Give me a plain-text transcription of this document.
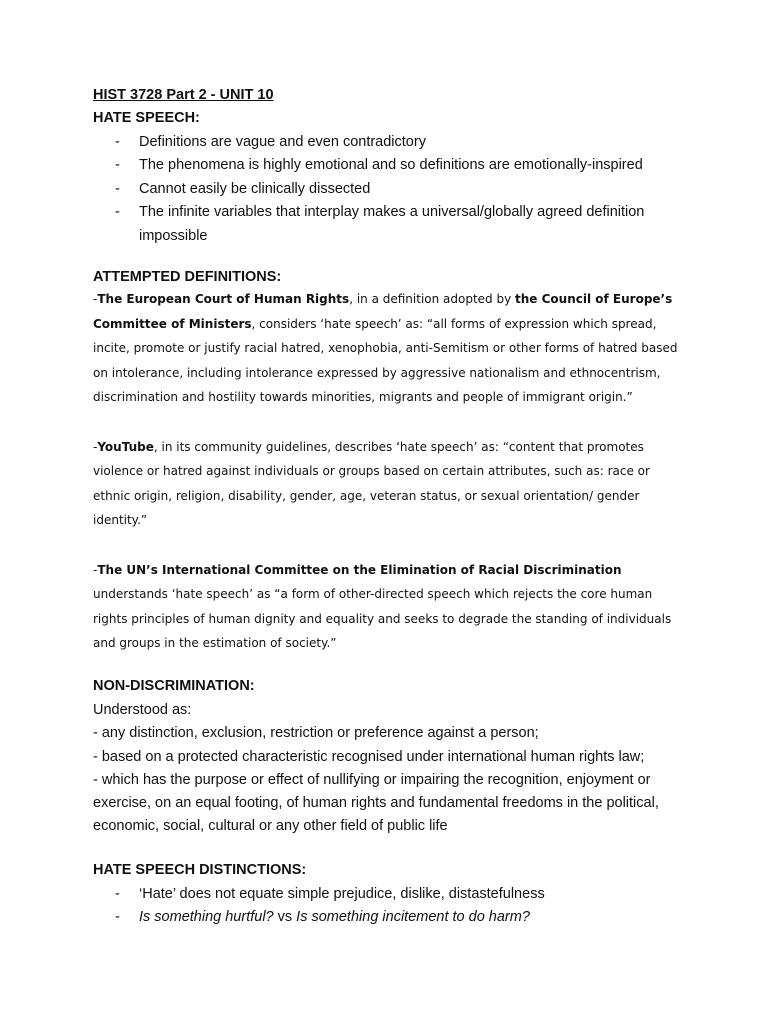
HIST 3728 Part 2 - UNIT 10
HATE SPEECH:
- Definitions are vague and even contradictory
- The phenomena is highly emotional and so definitions are emotionally-inspired
- Cannot easily be clinically dissected
- The infinite variables that interplay makes a universal/globally agreed definition impossible
ATTEMPTED DEFINITIONS:

-The European Court of Human Rights, in a definition adopted by the Council of Europe’s Committee of Ministers, considers ‘hate speech’ as: “all forms of expression which spread, incite, promote or justify racial hatred, xenophobia, anti-Semitism or other forms of hatred based on intolerance, including intolerance expressed by aggressive nationalism and ethnocentrism, discrimination and hostility towards minorities, migrants and people of immigrant origin.”

-YouTube, in its community guidelines, describes ‘hate speech’ as: “content that promotes violence or hatred against individuals or groups based on certain attributes, such as: race or ethnic origin, religion, disability, gender, age, veteran status, or sexual orientation/ gender identity.”

-The UN’s International Committee on the Elimination of Racial Discrimination understands ‘hate speech’ as “a form of other-directed speech which rejects the core human rights principles of human dignity and equality and seeks to degrade the standing of individuals and groups in the estimation of society.”

NON-DISCRIMINATION:

Understood as:

- any distinction, exclusion, restriction or preference against a person;

- based on a protected characteristic recognised under international human rights law;

- which has the purpose or effect of nullifying or impairing the recognition, enjoyment or exercise, on an equal footing, of human rights and fundamental freedoms in the political, economic, social, cultural or any other field of public life

HATE SPEECH DISTINCTIONS:
- ‘Hate’ does not equate simple prejudice, dislike, distastefulness
- Is something hurtful? vs Is something incitement to do harm?
